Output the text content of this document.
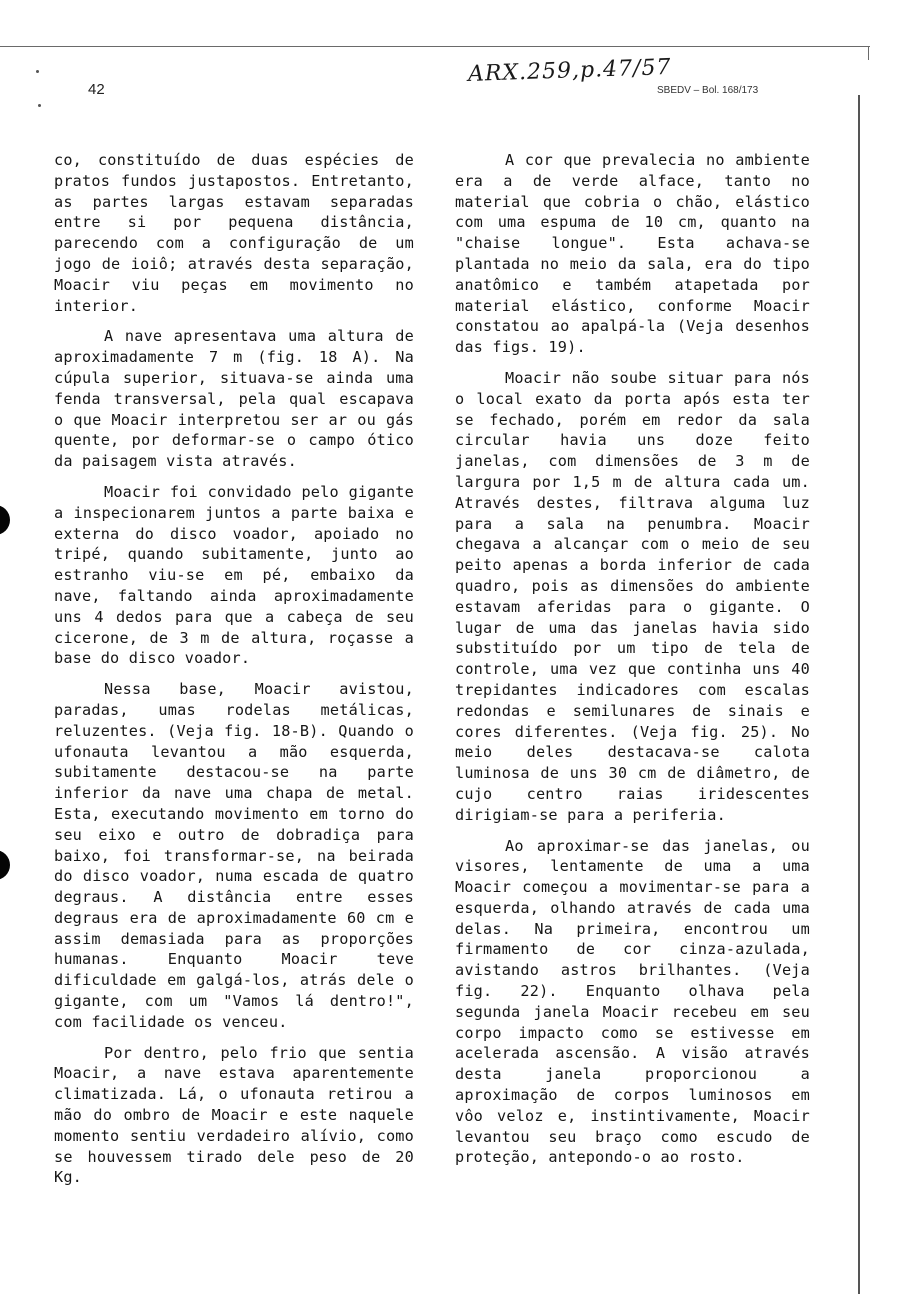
42
ARX.259,p.47/57
SBEDV – Bol. 168/173

co, constituído de duas espécies de pratos fundos justapostos. Entretanto, as partes largas estavam separadas entre si por pequena distância, parecendo com a configuração de um jogo de ioiô; através desta separação, Moacir viu peças em movimento no interior.

A nave apresentava uma altura de aproximadamente 7 m (fig. 18 A). Na cúpula superior, situava-se ainda uma fenda transversal, pela qual escapava o que Moacir interpretou ser ar ou gás quente, por deformar-se o campo ótico da paisagem vista através.

Moacir foi convidado pelo gigante a inspecionarem juntos a parte baixa e externa do disco voador, apoiado no tripé, quando subitamente, junto ao estranho viu-se em pé, embaixo da nave, faltando ainda aproximadamente uns 4 dedos para que a cabeça de seu cicerone, de 3 m de altura, roçasse a base do disco voador.

Nessa base, Moacir avistou, paradas, umas rodelas metálicas, reluzentes. (Veja fig. 18-B). Quando o ufonauta levantou a mão esquerda, subitamente destacou-se na parte inferior da nave uma chapa de metal. Esta, executando movimento em torno do seu eixo e outro de dobradiça para baixo, foi transformar-se, na beirada do disco voador, numa escada de quatro degraus. A distância entre esses degraus era de aproximadamente 60 cm e assim demasiada para as proporções humanas. Enquanto Moacir teve dificuldade em galgá-los, atrás dele o gigante, com um "Vamos lá dentro!", com facilidade os venceu.

Por dentro, pelo frio que sentia Moacir, a nave estava aparentemente climatizada. Lá, o ufonauta retirou a mão do ombro de Moacir e este naquele momento sentiu verdadeiro alívio, como se houvessem tirado dele peso de 20 Kg.

A cor que prevalecia no ambiente era a de verde alface, tanto no material que cobria o chão, elástico com uma espuma de 10 cm, quanto na "chaise longue". Esta achava-se plantada no meio da sala, era do tipo anatômico e também atapetada por material elástico, conforme Moacir constatou ao apalpá-la (Veja desenhos das figs. 19).

Moacir não soube situar para nós o local exato da porta após esta ter se fechado, porém em redor da sala circular havia uns doze feito janelas, com dimensões de 3 m de largura por 1,5 m de altura cada um. Através destes, filtrava alguma luz para a sala na penumbra. Moacir chegava a alcançar com o meio de seu peito apenas a borda inferior de cada quadro, pois as dimensões do ambiente estavam aferidas para o gigante. O lugar de uma das janelas havia sido substituído por um tipo de tela de controle, uma vez que continha uns 40 trepidantes indicadores com escalas redondas e semilunares de sinais e cores diferentes. (Veja fig. 25). No meio deles destacava-se calota luminosa de uns 30 cm de diâmetro, de cujo centro raias iridescentes dirigiam-se para a periferia.

Ao aproximar-se das janelas, ou visores, lentamente de uma a uma Moacir começou a movimentar-se para a esquerda, olhando através de cada uma delas. Na primeira, encontrou um firmamento de cor cinza-azulada, avistando astros brilhantes. (Veja fig. 22). Enquanto olhava pela segunda janela Moacir recebeu em seu corpo impacto como se estivesse em acelerada ascensão. A visão através desta janela proporcionou a aproximação de corpos luminosos em vôo veloz e, instintivamente, Moacir levantou seu braço como escudo de proteção, antepondo-o ao rosto.
